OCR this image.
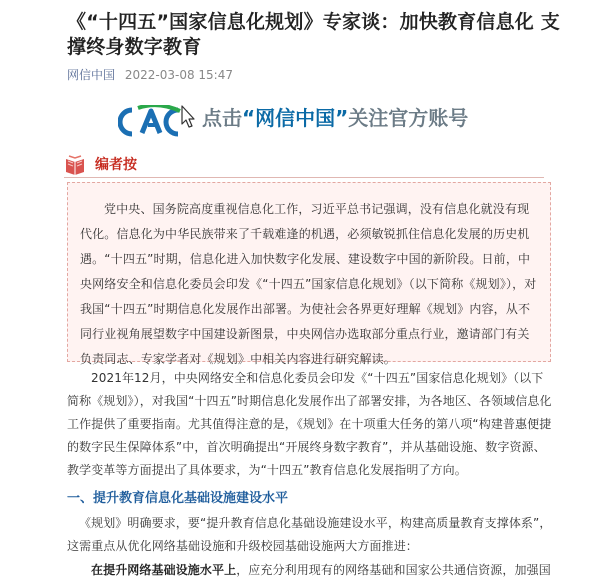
《“十四五”国家信息化规划》专家谈：加快教育信息化 支撑终身数字教育
网信中国 2022-03-08 15:47
点击“网信中国”关注官方账号
编者按
党中央、国务院高度重视信息化工作，习近平总书记强调，没有信息化就没有现代化。信息化为中华民族带来了千载难逢的机遇，必须敏锐抓住信息化发展的历史机遇。“十四五”时期，信息化进入加快数字化发展、建设数字中国的新阶段。日前，中央网络安全和信息化委员会印发《“十四五”国家信息化规划》（以下简称《规划》），对我国“十四五”时期信息化发展作出部署。为使社会各界更好理解《规划》内容，从不同行业视角展望数字中国建设新图景，中央网信办选取部分重点行业，邀请部门有关负责同志、专家学者对《规划》中相关内容进行研究解读。
2021年12月，中央网络安全和信息化委员会印发《“十四五”国家信息化规划》（以下简称《规划》），对我国“十四五”时期信息化发展作出了部署安排，为各地区、各领域信息化工作提供了重要指南。尤其值得注意的是，《规划》在十项重大任务的第八项“构建普惠便捷的数字民生保障体系”中，首次明确提出“开展终身数字教育”，并从基础设施、数字资源、教学变革等方面提出了具体要求，为“十四五”教育信息化发展指明了方向。
一、提升教育信息化基础设施建设水平
《规划》明确要求，要“提升教育信息化基础设施建设水平，构建高质量教育支撑体系”，这需重点从优化网络基础设施和升级校园基础设施两大方面推进：
在提升网络基础设施水平上，应充分利用现有的网络基础和国家公共通信资源，加强国
